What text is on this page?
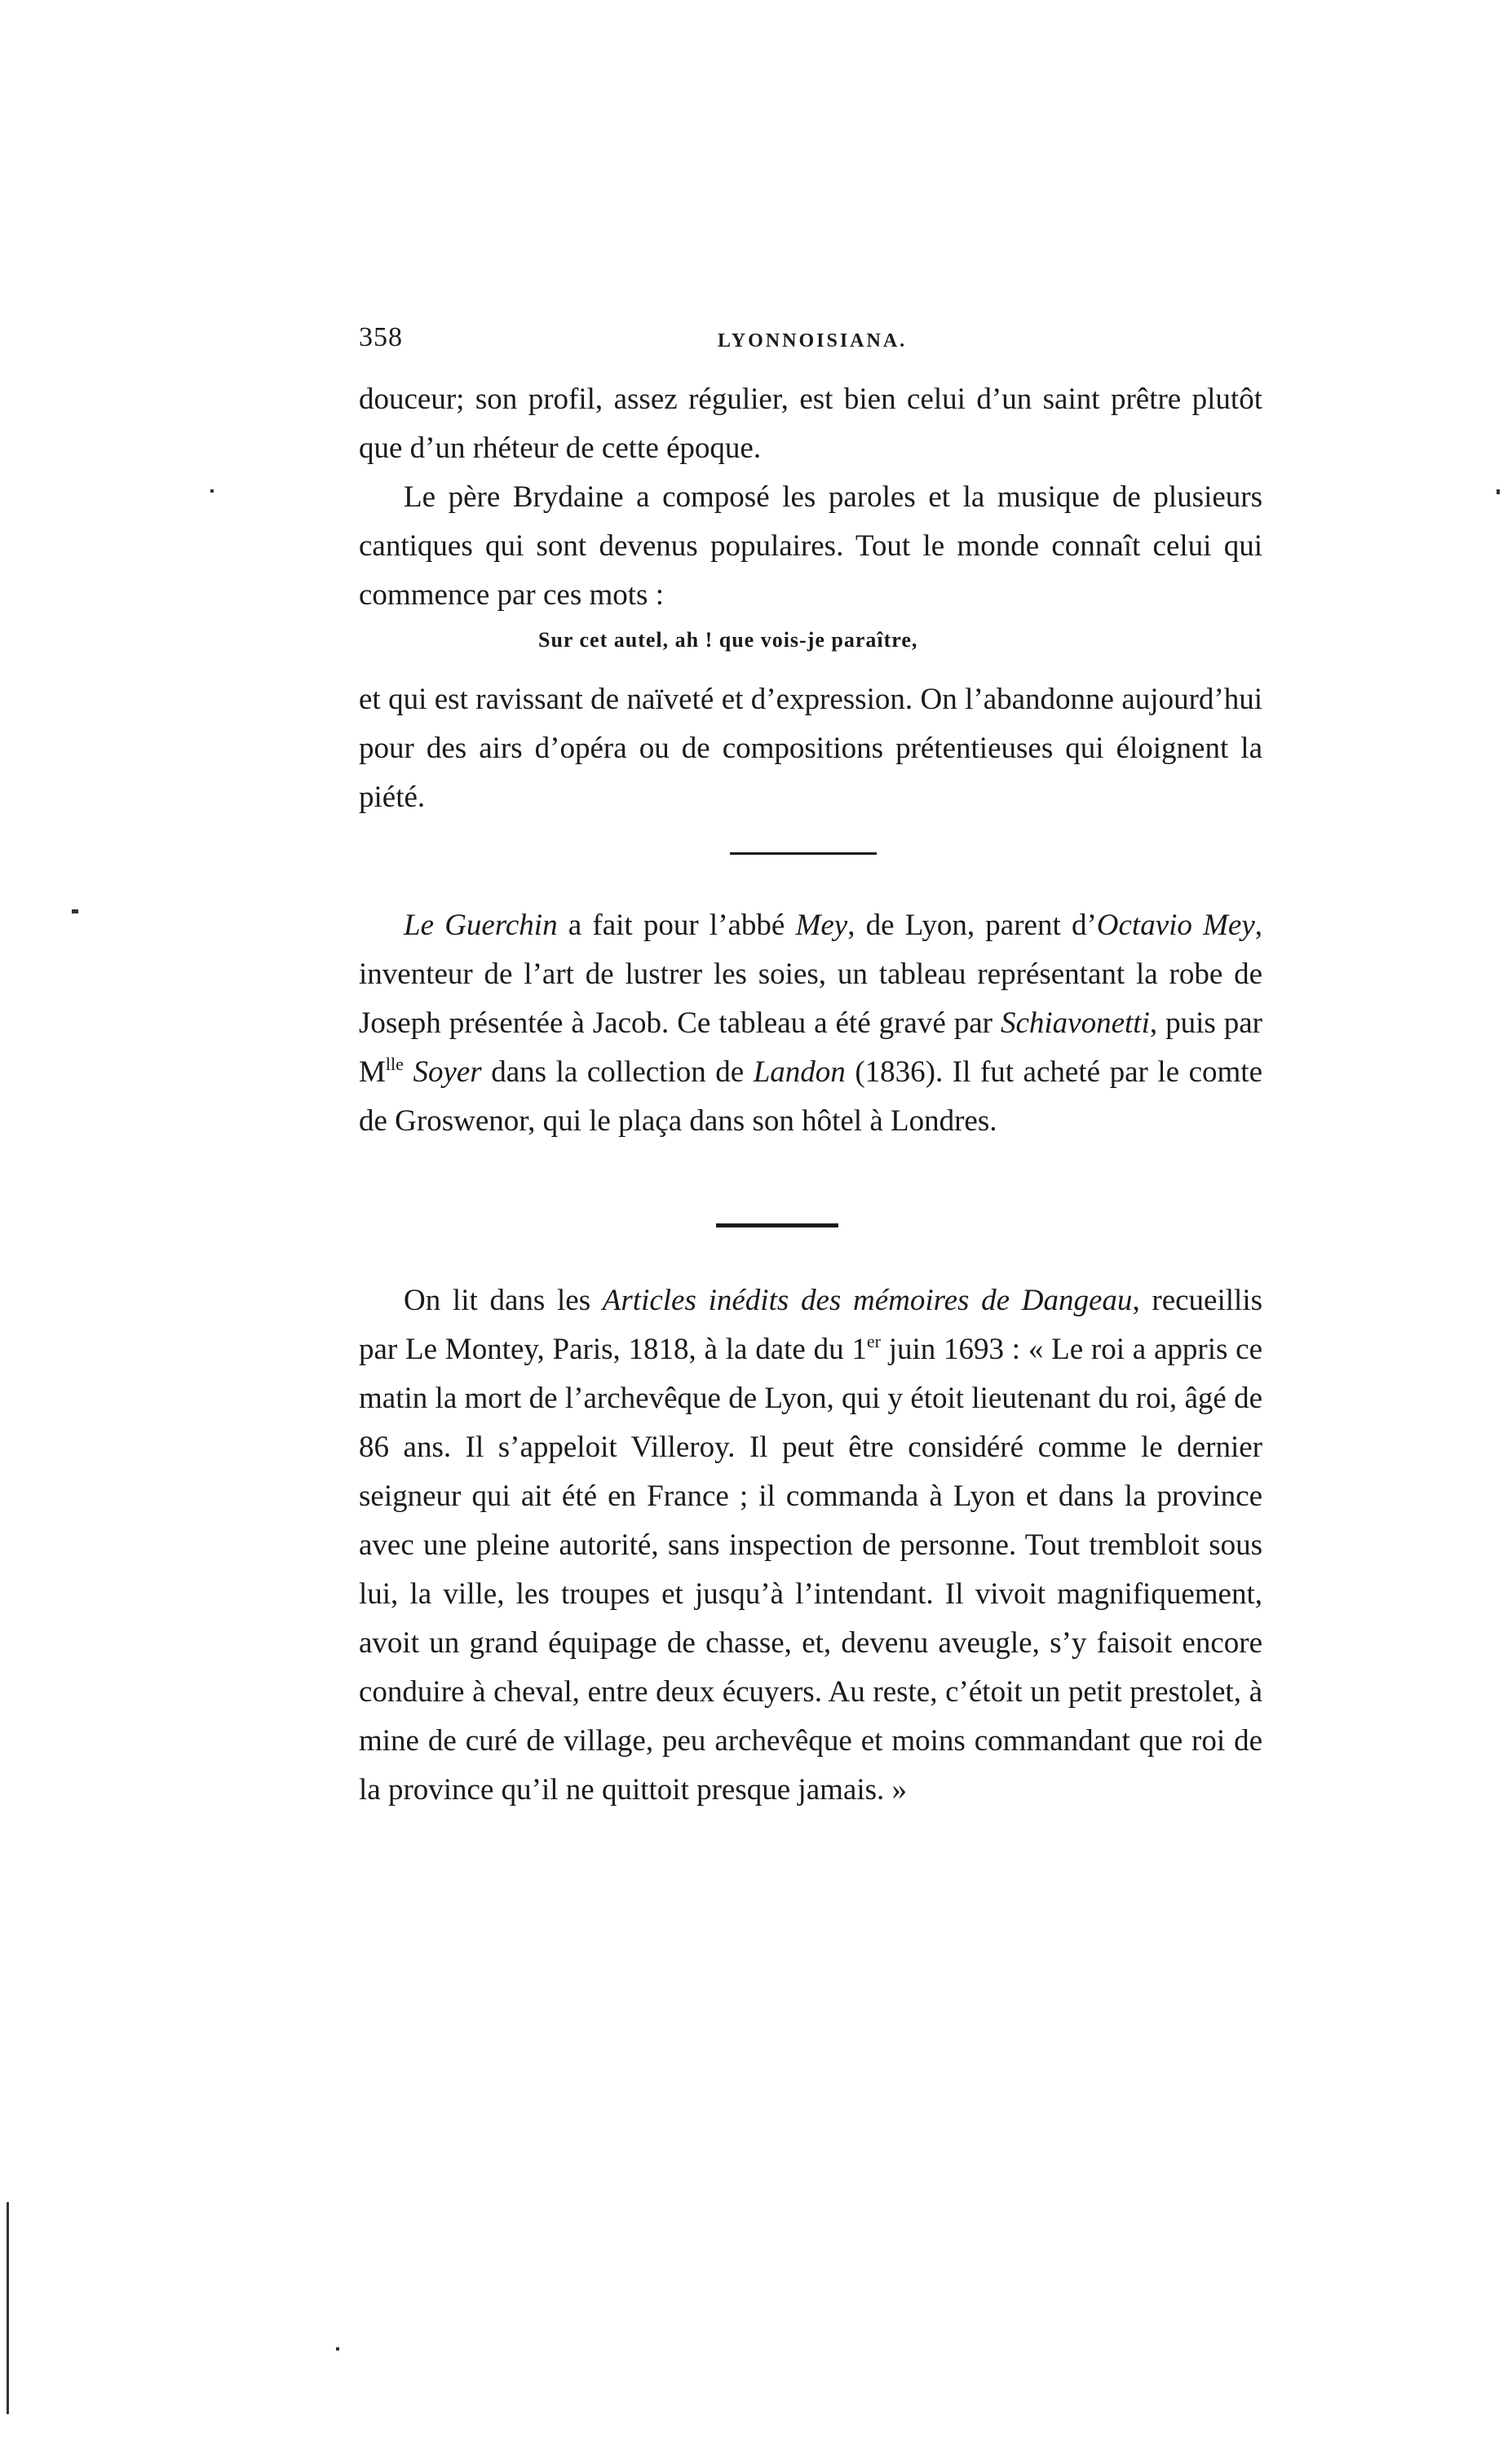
358	LYONNOISIANA.

douceur; son profil, assez régulier, est bien celui d’un saint prêtre plutôt que d’un rhéteur de cette époque.

Le père Brydaine a composé les paroles et la musique de plusieurs cantiques qui sont devenus populaires. Tout le monde connaît celui qui commence par ces mots :

Sur cet autel, ah ! que vois-je paraître,

et qui est ravissant de naïveté et d’expression. On l’abandonne aujourd’hui pour des airs d’opéra ou de compositions prétentieuses qui éloignent la piété.

Le Guerchin a fait pour l’abbé Mey, de Lyon, parent d’Octavio Mey, inventeur de l’art de lustrer les soies, un tableau représentant la robe de Joseph présentée à Jacob. Ce tableau a été gravé par Schiavonetti, puis par $M^{lle}$ Soyer dans la collection de Landon (1836). Il fut acheté par le comte de Groswenor, qui le plaça dans son hôtel à Londres.

On lit dans les Articles inédits des mémoires de Dangeau, recueillis par Le Montey, Paris, 1818, à la date du 1er juin 1693 : « Le roi a appris ce matin la mort de l’archevêque de Lyon, qui y étoit lieutenant du roi, âgé de 86 ans. Il s’appeloit Villeroy. Il peut être considéré comme le dernier seigneur qui ait été en France ; il commanda à Lyon et dans la province avec une pleine autorité, sans inspection de personne. Tout trembloit sous lui, la ville, les troupes et jusqu’à l’intendant. Il vivoit magnifiquement, avoit un grand équipage de chasse, et, devenu aveugle, s’y faisoit encore conduire à cheval, entre deux écuyers. Au reste, c’étoit un petit prestolet, à mine de curé de village, peu archevêque et moins commandant que roi de la province qu’il ne quittoit presque jamais. »
